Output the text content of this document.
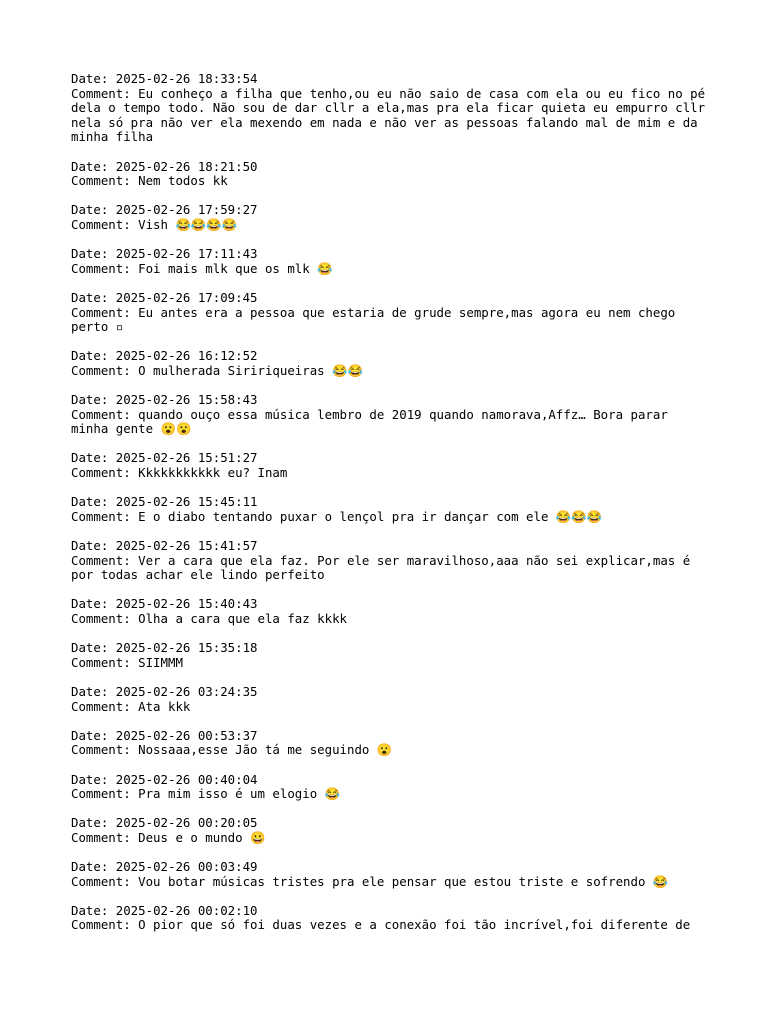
Date: 2025-02-26 18:33:54
Comment: Eu conheço a filha que tenho,ou eu não saio de casa com ela ou eu fico no pé dela o tempo todo. Não sou de dar cllr a ela,mas pra ela ficar quieta eu empurro cllr nela só pra não ver ela mexendo em nada e não ver as pessoas falando mal de mim e da minha filha
Date: 2025-02-26 18:21:50
Comment: Nem todos kk
Date: 2025-02-26 17:59:27
Comment: Vish 😂😂😂😂
Date: 2025-02-26 17:11:43
Comment: Foi mais mlk que os mlk 😂
Date: 2025-02-26 17:09:45
Comment: Eu antes era a pessoa que estaria de grude sempre,mas agora eu nem chego perto ▫
Date: 2025-02-26 16:12:52
Comment: O mulherada Siririqueiras 😂😂
Date: 2025-02-26 15:58:43
Comment: quando ouço essa música lembro de 2019 quando namorava,Affz… Bora parar minha gente 😮😮
Date: 2025-02-26 15:51:27
Comment: Kkkkkkkkkkk eu? Inam
Date: 2025-02-26 15:45:11
Comment: E o diabo tentando puxar o lençol pra ir dançar com ele 😂😂😂
Date: 2025-02-26 15:41:57
Comment: Ver a cara que ela faz. Por ele ser maravilhoso,aaa não sei explicar,mas é por todas achar ele lindo perfeito
Date: 2025-02-26 15:40:43
Comment: Olha a cara que ela faz kkkk
Date: 2025-02-26 15:35:18
Comment: SIIMMM
Date: 2025-02-26 03:24:35
Comment: Ata kkk
Date: 2025-02-26 00:53:37
Comment: Nossaaa,esse Jão tá me seguindo 😮
Date: 2025-02-26 00:40:04
Comment: Pra mim isso é um elogio 😂
Date: 2025-02-26 00:20:05
Comment: Deus e o mundo 😀
Date: 2025-02-26 00:03:49
Comment: Vou botar músicas tristes pra ele pensar que estou triste e sofrendo 😂
Date: 2025-02-26 00:02:10
Comment: O pior que só foi duas vezes e a conexão foi tão incrível,foi diferente de
